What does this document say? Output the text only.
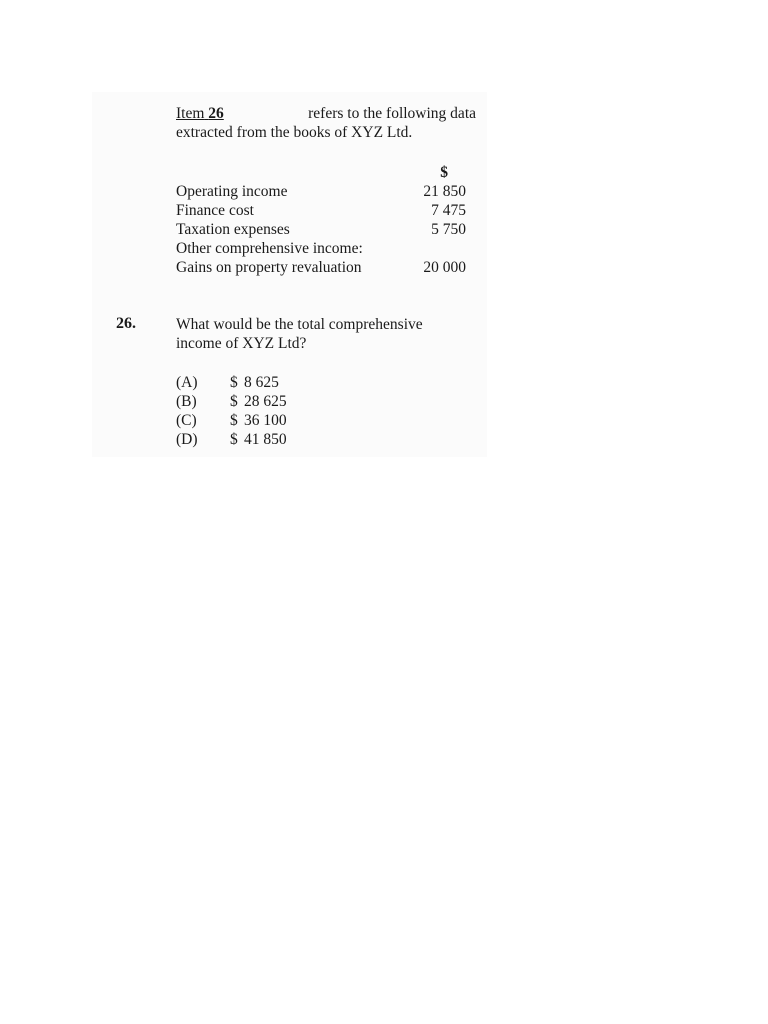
Item 26	refers to the following data
extracted from the books of XYZ Ltd.
$
Operating income	21 850
Finance cost	7 475
Taxation expenses	5 750
Other comprehensive income:
Gains on property revaluation	20 000
26.	What would be the total comprehensive
income of XYZ Ltd?
(A)	$ 8 625
(B)	$ 28 625
(C)	$ 36 100
(D)	$ 41 850
